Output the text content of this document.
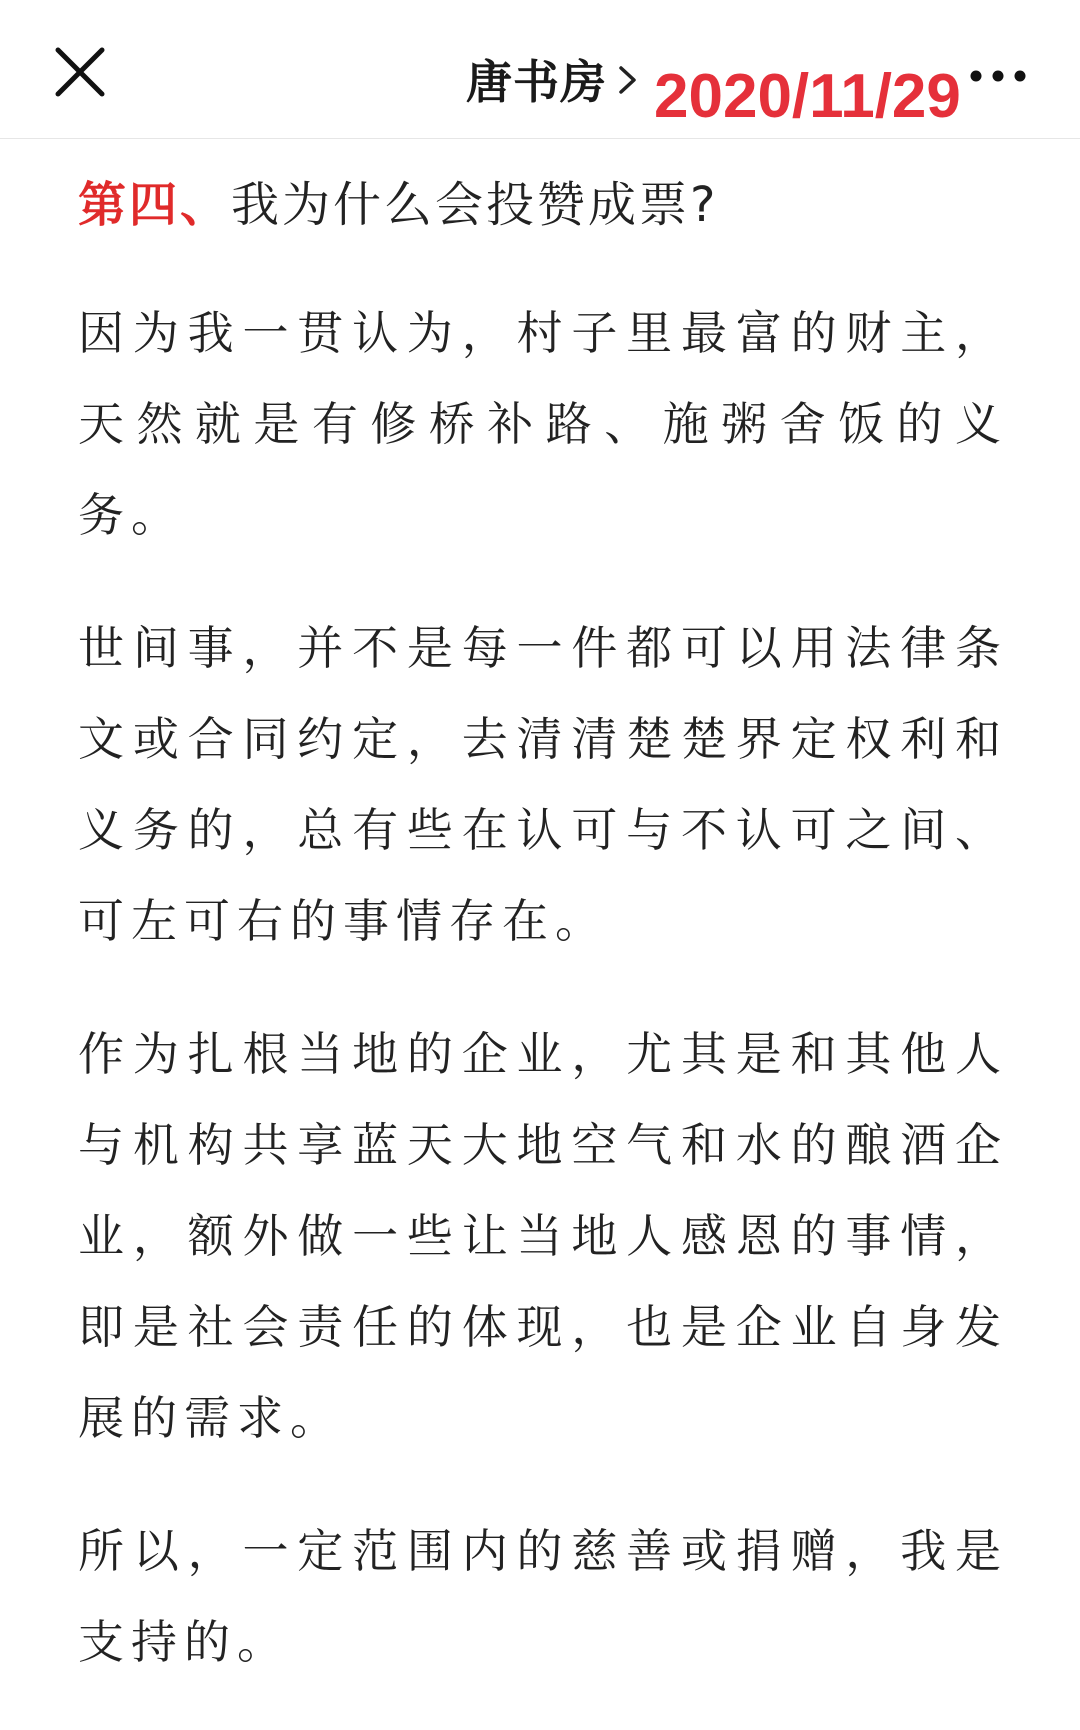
唐书房 2020/11/29

第四、我为什么会投赞成票?

因为我一贯认为，村子里最富的财主，天然就是有修桥补路、施粥舍饭的义务。

世间事，并不是每一件都可以用法律条文或合同约定，去清清楚楚界定权利和义务的，总有些在认可与不认可之间、可左可右的事情存在。

作为扎根当地的企业，尤其是和其他人与机构共享蓝天大地空气和水的酿酒企业，额外做一些让当地人感恩的事情，即是社会责任的体现，也是企业自身发展的需求。

所以，一定范围内的慈善或捐赠，我是支持的。
